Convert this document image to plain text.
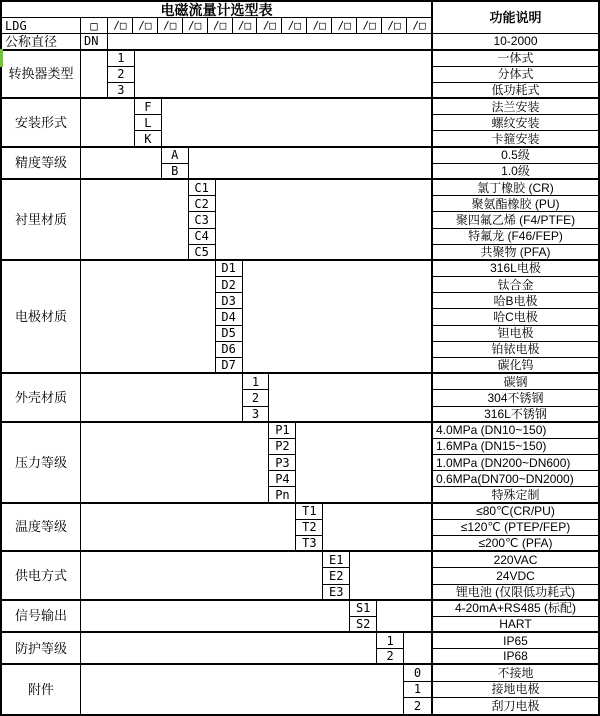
电磁流量计选型表
功能说明
LDG	□	/□	/□	/□	/□	/□	/□	/□	/□	/□	/□	/□	/□	/□
公称直径	DN	10-2000
转换器类型
1	一体式
2	分体式
3	低功耗式
安装形式
F	法兰安装
L	螺纹安装
K	卡箍安装
精度等级
A	0.5级
B	1.0级
衬里材质
C1	氯丁橡胶 (CR)
C2	聚氨酯橡胶 (PU)
C3	聚四氟乙烯 (F4/PTFE)
C4	特氟龙 (F46/FEP)
C5	共聚物 (PFA)
电极材质
D1	316L电极
D2	钛合金
D3	哈B电极
D4	哈C电极
D5	钽电极
D6	铂铱电极
D7	碳化钨
外壳材质
1	碳钢
2	304不锈钢
3	316L不锈钢
压力等级
P1	4.0MPa (DN10~150)
P2	1.6MPa (DN15~150)
P3	1.0MPa (DN200~DN600)
P4	0.6MPa(DN700~DN2000)
Pn	特殊定制
温度等级
T1	≤80℃(CR/PU)
T2	≤120℃ (PTEP/FEP)
T3	≤200℃ (PFA)
供电方式
E1	220VAC
E2	24VDC
E3	锂电池 (仅限低功耗式)
信号输出
S1	4-20mA+RS485 (标配)
S2	HART
防护等级
1	IP65
2	IP68
附件
0	不接地
1	接地电极
2	刮刀电极
